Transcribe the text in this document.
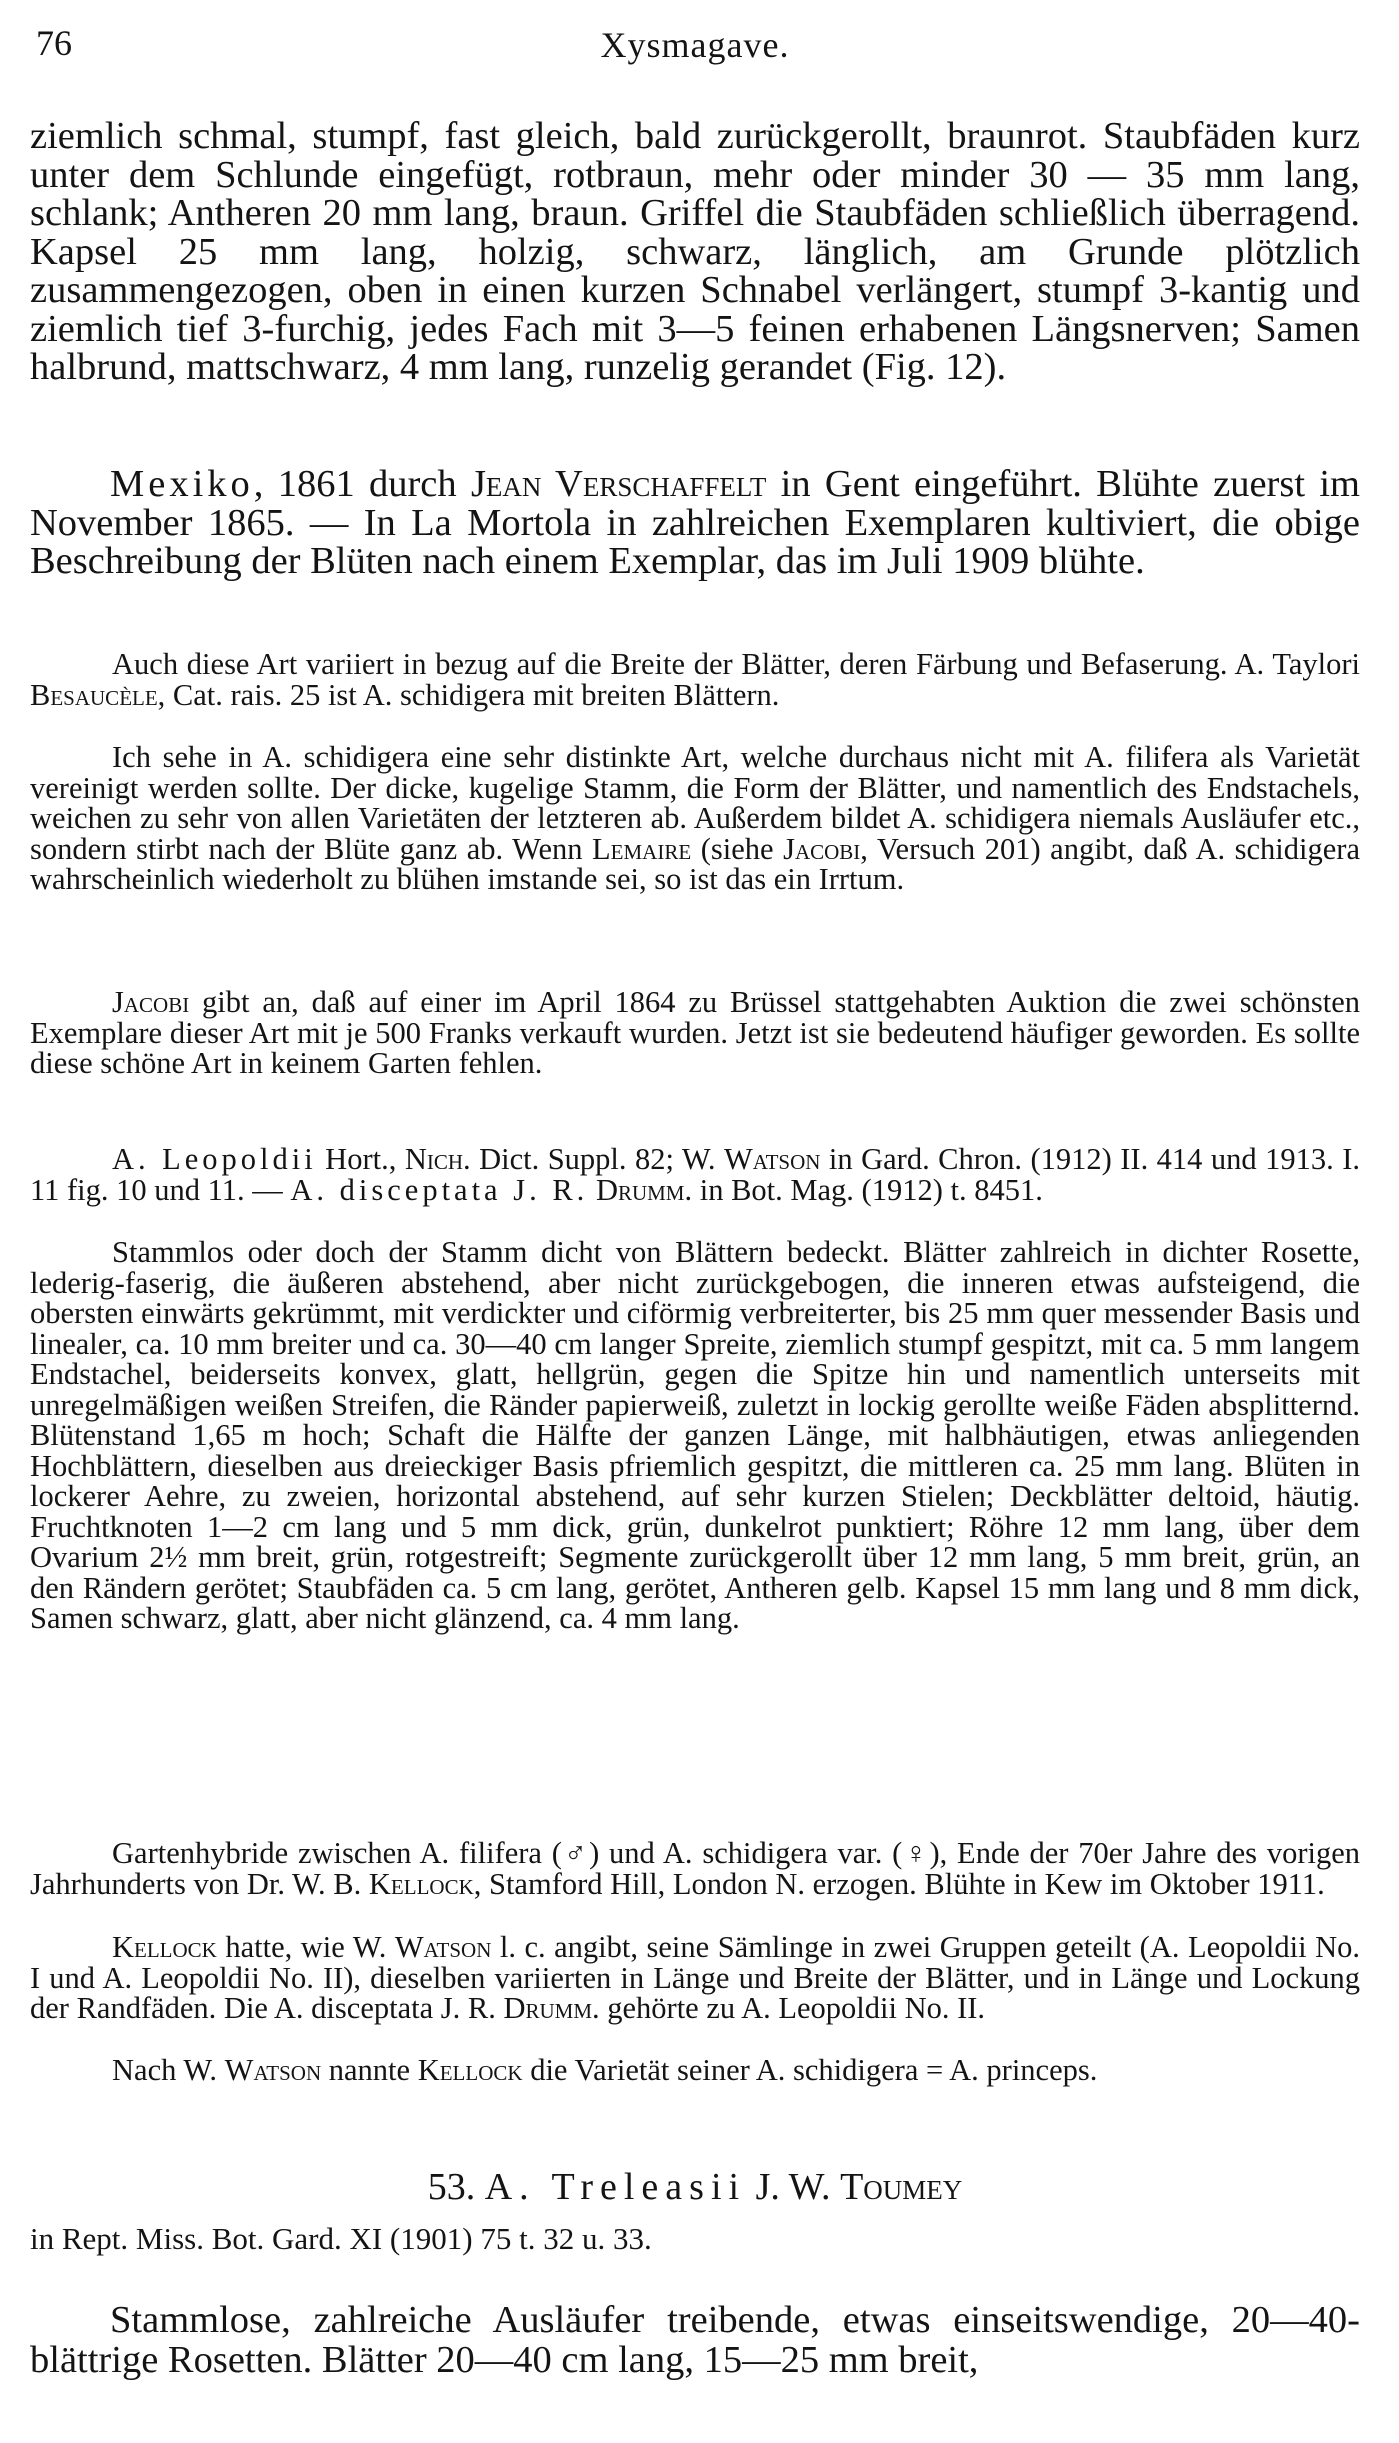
76	Xysmagave.

ziemlich schmal, stumpf, fast gleich, bald zurückgerollt, braunrot. Staubfäden kurz unter dem Schlunde eingefügt, rotbraun, mehr oder minder 30 — 35 mm lang, schlank; Antheren 20 mm lang, braun. Griffel die Staubfäden schließlich überragend. Kapsel 25 mm lang, holzig, schwarz, länglich, am Grunde plötzlich zusammengezogen, oben in einen kurzen Schnabel verlängert, stumpf 3-kantig und ziemlich tief 3-furchig, jedes Fach mit 3—5 feinen erhabenen Längsnerven; Samen halbrund, mattschwarz, 4 mm lang, runzelig gerandet (Fig. 12).

Mexiko, 1861 durch Jean Verschaffelt in Gent eingeführt. Blühte zuerst im November 1865. — In La Mortola in zahlreichen Exemplaren kultiviert, die obige Beschreibung der Blüten nach einem Exemplar, das im Juli 1909 blühte.

Auch diese Art variiert in bezug auf die Breite der Blätter, deren Färbung und Befaserung. A. Taylori Besaucèle, Cat. rais. 25 ist A. schidigera mit breiten Blättern.

Ich sehe in A. schidigera eine sehr distinkte Art, welche durchaus nicht mit A. filifera als Varietät vereinigt werden sollte. Der dicke, kugelige Stamm, die Form der Blätter, und namentlich des Endstachels, weichen zu sehr von allen Varietäten der letzteren ab. Außerdem bildet A. schidigera niemals Ausläufer etc., sondern stirbt nach der Blüte ganz ab. Wenn Lemaire (siehe Jacobi, Versuch 201) angibt, daß A. schidigera wahrscheinlich wiederholt zu blühen imstande sei, so ist das ein Irrtum.

Jacobi gibt an, daß auf einer im April 1864 zu Brüssel stattgehabten Auktion die zwei schönsten Exemplare dieser Art mit je 500 Franks verkauft wurden. Jetzt ist sie bedeutend häufiger geworden. Es sollte diese schöne Art in keinem Garten fehlen.

A. Leopoldii Hort., Nich. Dict. Suppl. 82; W. Watson in Gard. Chron. (1912) II. 414 und 1913. I. 11 fig. 10 und 11. — A. disceptata J. R. Drumm. in Bot. Mag. (1912) t. 8451.

Stammlos oder doch der Stamm dicht von Blättern bedeckt. Blätter zahlreich in dichter Rosette, lederig-faserig, die äußeren abstehend, aber nicht zurückgebogen, die inneren etwas aufsteigend, die obersten einwärts gekrümmt, mit verdickter und ciförmig verbreiterter, bis 25 mm quer messender Basis und linealer, ca. 10 mm breiter und ca. 30—40 cm langer Spreite, ziemlich stumpf gespitzt, mit ca. 5 mm langem Endstachel, beiderseits konvex, glatt, hellgrün, gegen die Spitze hin und namentlich unterseits mit unregelmäßigen weißen Streifen, die Ränder papierweiß, zuletzt in lockig gerollte weiße Fäden absplitternd. Blütenstand 1,65 m hoch; Schaft die Hälfte der ganzen Länge, mit halbhäutigen, etwas anliegenden Hochblättern, dieselben aus dreieckiger Basis pfriemlich gespitzt, die mittleren ca. 25 mm lang. Blüten in lockerer Aehre, zu zweien, horizontal abstehend, auf sehr kurzen Stielen; Deckblätter deltoid, häutig. Fruchtknoten 1—2 cm lang und 5 mm dick, grün, dunkelrot punktiert; Röhre 12 mm lang, über dem Ovarium 2½ mm breit, grün, rotgestreift; Segmente zurückgerollt über 12 mm lang, 5 mm breit, grün, an den Rändern gerötet; Staubfäden ca. 5 cm lang, gerötet, Antheren gelb. Kapsel 15 mm lang und 8 mm dick, Samen schwarz, glatt, aber nicht glänzend, ca. 4 mm lang.

Gartenhybride zwischen A. filifera (♂) und A. schidigera var. (♀), Ende der 70er Jahre des vorigen Jahrhunderts von Dr. W. B. Kellock, Stamford Hill, London N. erzogen. Blühte in Kew im Oktober 1911.

Kellock hatte, wie W. Watson l. c. angibt, seine Sämlinge in zwei Gruppen geteilt (A. Leopoldii No. I und A. Leopoldii No. II), dieselben variierten in Länge und Breite der Blätter, und in Länge und Lockung der Randfäden. Die A. disceptata J. R. Drumm. gehörte zu A. Leopoldii No. II.

Nach W. Watson nannte Kellock die Varietät seiner A. schidigera = A. princeps.

53. A. Treleasii J. W. Toumey
in Rept. Miss. Bot. Gard. XI (1901) 75 t. 32 u. 33.

Stammlose, zahlreiche Ausläufer treibende, etwas einseitswendige, 20—40-blättrige Rosetten. Blätter 20—40 cm lang, 15—25 mm breit,
